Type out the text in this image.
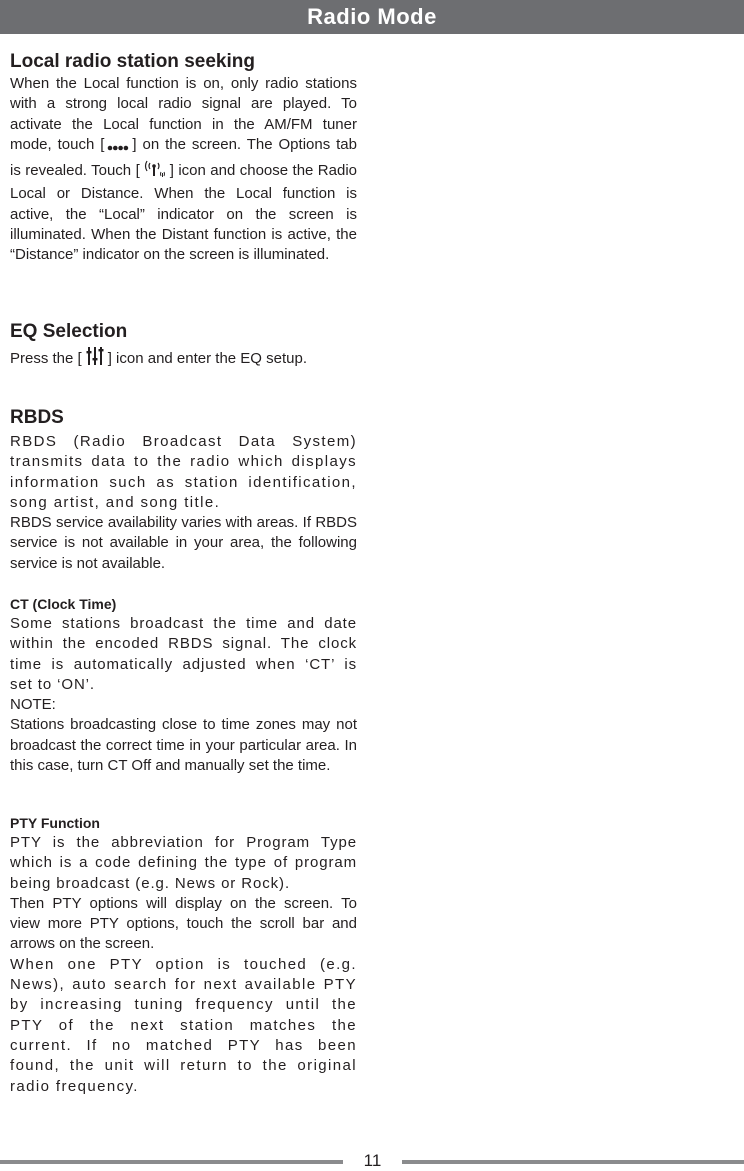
Radio Mode
Local radio station seeking

When the Local function is on, only radio stations with a strong local radio signal are played. To activate the Local function in the AM/FM tuner mode, touch [ ] on the screen. The Options tab is revealed. Touch [ ] icon and choose the Radio Local or Distance. When the Local function is active, the “Local” indicator on the screen is illuminated. When the Distant function is active, the “Distance” indicator on the screen is illuminated.

EQ Selection

Press the [ ] icon and enter the EQ setup.

RBDS

RBDS (Radio Broadcast Data System) transmits data to the radio which displays information such as station identification, song artist, and song title.

RBDS service availability varies with areas. If RBDS service is not available in your area, the following service is not available.

CT (Clock Time)

Some stations broadcast the time and date within the encoded RBDS signal. The clock time is automatically adjusted when ‘CT’ is set to ‘ON’.

NOTE:

Stations broadcasting close to time zones may not broadcast the correct time in your particular area. In this case, turn CT Off and manually set the time.

PTY Function

PTY is the abbreviation for Program Type which is a code defining the type of program being broadcast (e.g. News or Rock).

Then PTY options will display on the screen. To view more PTY options, touch the scroll bar and arrows on the screen.

When one PTY option is touched (e.g. News), auto search for next available PTY by increasing tuning frequency until the PTY of the next station matches the current. If no matched PTY has been found, the unit will return to the original radio frequency.

11
